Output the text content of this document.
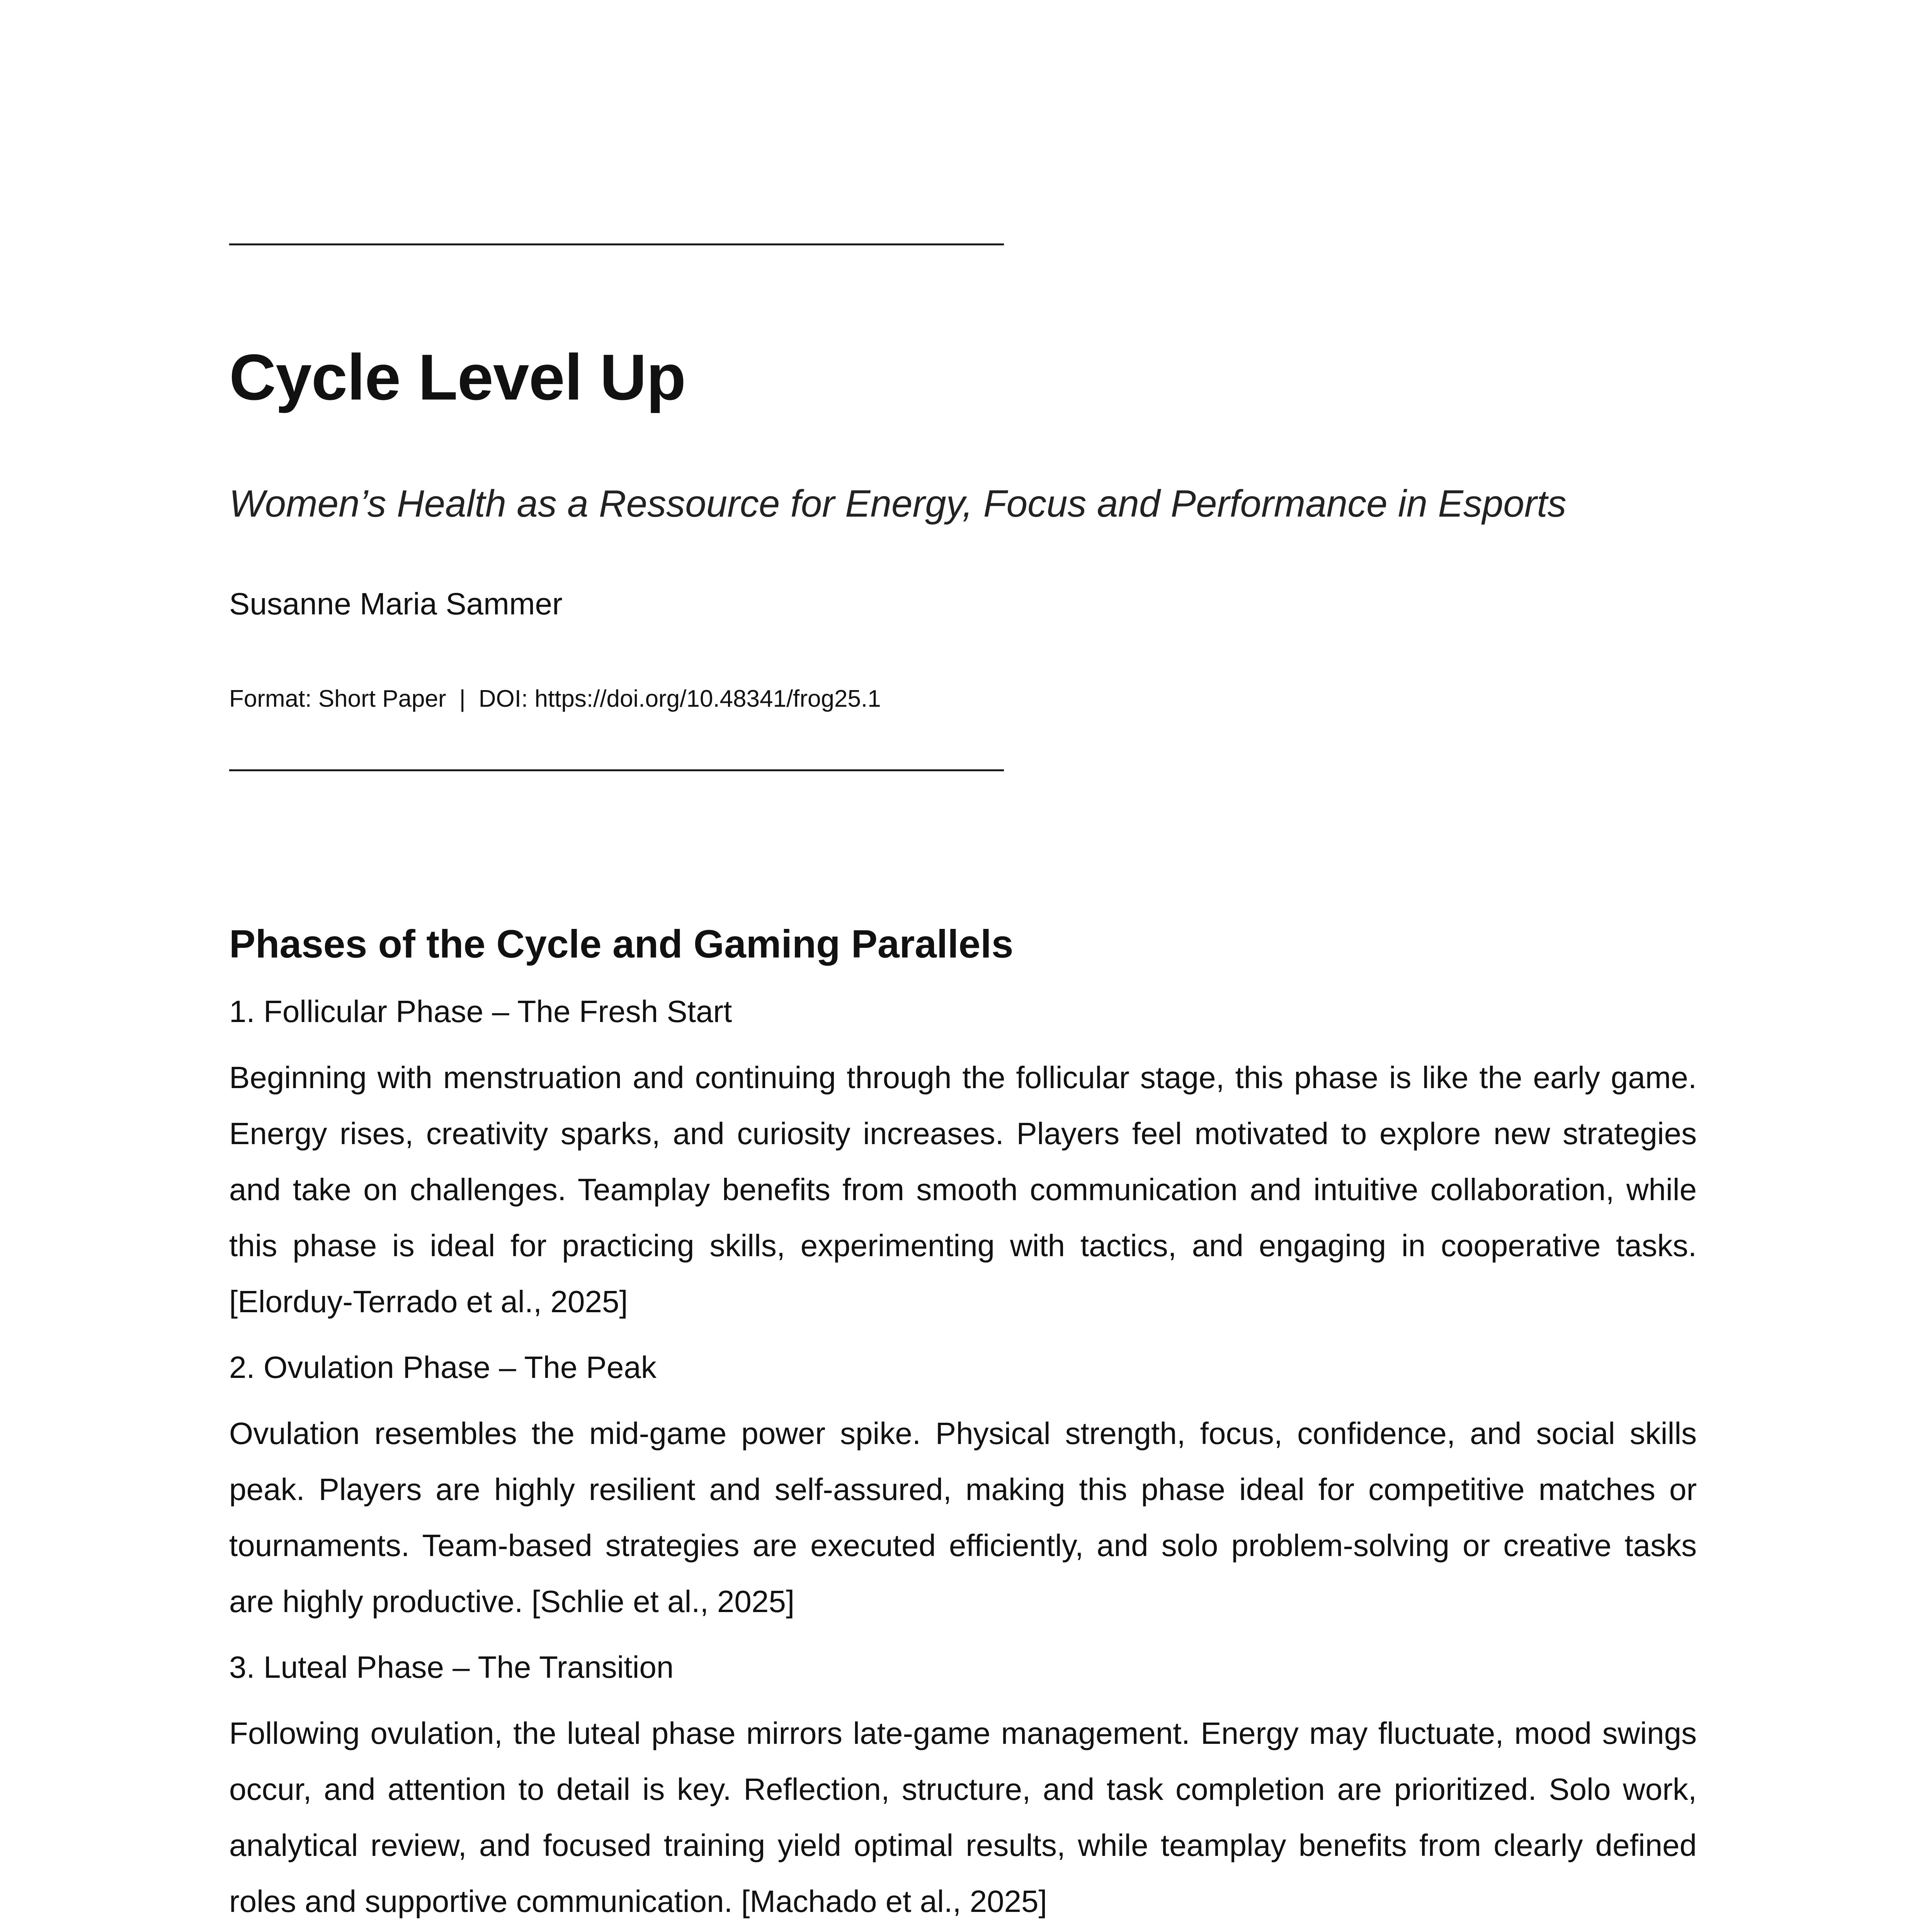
Cycle Level Up

Women’s Health as a Ressource for Energy, Focus and Performance in Esports

Susanne Maria Sammer

Format: Short Paper | DOI: https://doi.org/10.48341/frog25.1

Phases of the Cycle and Gaming Parallels

1. Follicular Phase – The Fresh Start

Beginning with menstruation and continuing through the follicular stage, this phase is like the early game. Energy rises, creativity sparks, and curiosity increases. Players feel motivated to explore new strategies and take on challenges. Teamplay benefits from smooth communication and intuitive collaboration, while this phase is ideal for practicing skills, experimenting with tactics, and engaging in cooperative tasks. [Elorduy-Terrado et al., 2025]

2. Ovulation Phase – The Peak

Ovulation resembles the mid-game power spike. Physical strength, focus, confidence, and social skills peak. Players are highly resilient and self-assured, making this phase ideal for competitive matches or tournaments. Team-based strategies are executed efficiently, and solo problem-solving or creative tasks are highly productive. [Schlie et al., 2025]

3. Luteal Phase – The Transition

Following ovulation, the luteal phase mirrors late-game management. Energy may fluctuate, mood swings occur, and attention to detail is key. Reflection, structure, and task completion are prioritized. Solo work, analytical review, and focused training yield optimal results, while teamplay benefits from clearly defined roles and supportive communication. [Machado et al., 2025]
